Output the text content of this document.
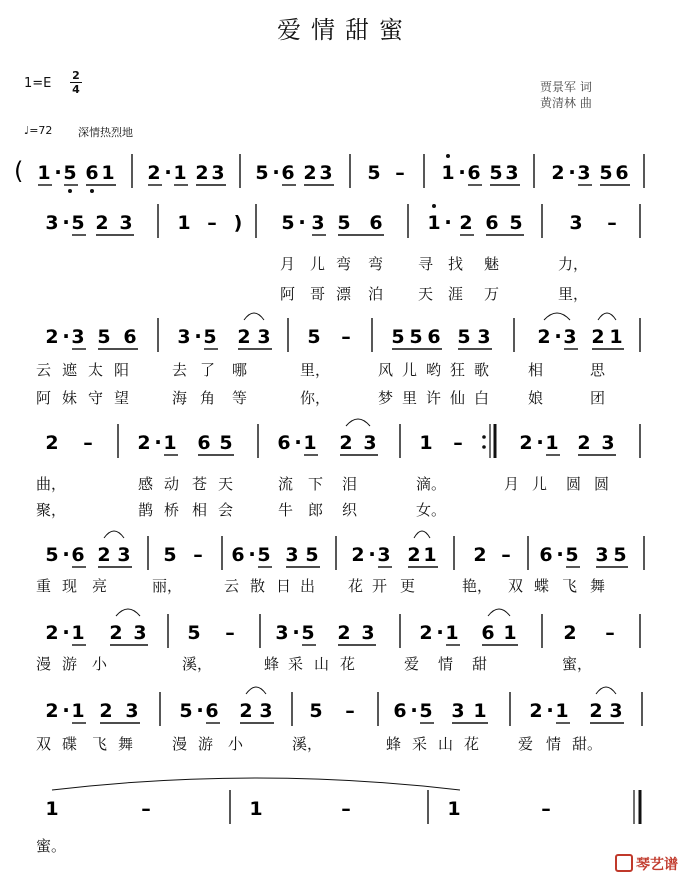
爱情甜蜜
1=E
2
4	贾景军 词
黄清林 曲
♩=72 深情热烈地
( 1 · 5 6 1 2 · 1 2 3 5 · 6 2 3 5 – 1 · 6 5 3 2 · 3 5 6
3 · 5 2 3 1 – ) 5 · 3 5 6 1 · 2 6 5 3 –
2 · 3 5 6 3 · 5 2 3 5 – 5 5 6 5 3 2 · 3 2 1
2 – 2 · 1 6 5 6 · 1 2 3 1 –	2 · 1 2 3
5 · 6 2 3 5 – 6 · 5 3 5 2 · 3 2 1 2 – 6 · 5 3 5
2 · 1 2 3 5 – 3 · 5 2 3 2 · 1 6 1 2 –
2 · 1 2 3 5 · 6 2 3 5 – 6 · 5 3 1 2 · 1 2 3
1	–	1	–	1	–
月 儿 弯 弯 寻 找 魅	力，
阿 哥 漂 泊 天 涯 万	里，
云 遮 太 阳	去 了 哪	里，	风 儿 哟 狂 歌	相	思
阿 妹 守 望	海 角 等	你，	梦 里 许 仙 白	娘	团
曲，	感 动 苍 天	流 下 泪	滴。	月 儿 圆 圆
聚，	鹊 桥 相 会	牛 郎 织	女。
重 现 亮	丽，	云 散 日 出 花 开 更	艳， 双 蝶 飞 舞
漫 游 小	溪，	蜂 采 山 花	爱 情 甜	蜜，
双 碟 飞 舞	漫 游 小	溪，	蜂 采 山 花	爱 情 甜。
蜜。
琴艺谱
